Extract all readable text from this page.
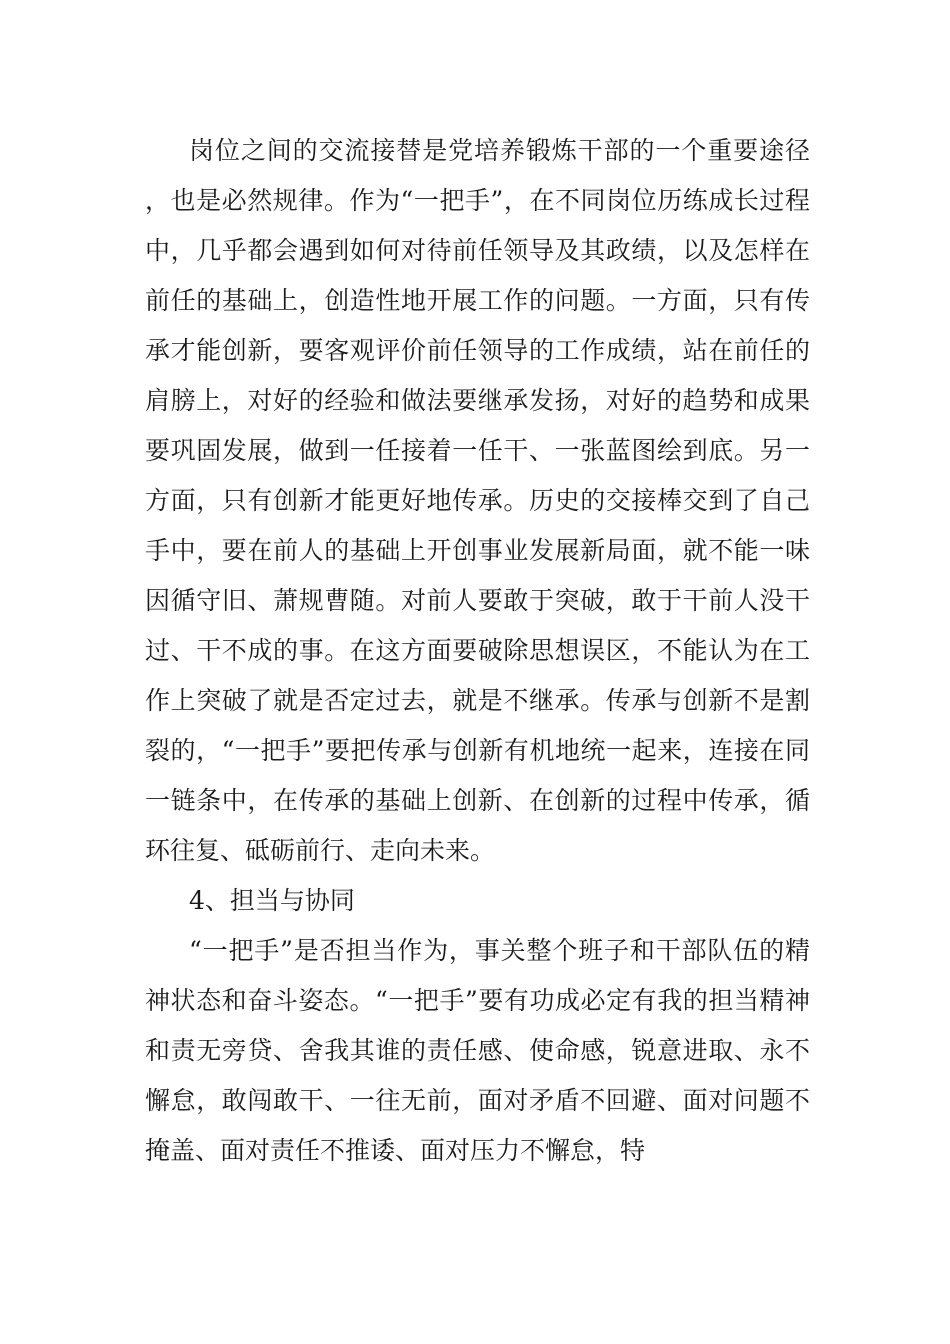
岗位之间的交流接替是党培养锻炼干部的一个重要途径，也是必然规律。作为“一把手”，在不同岗位历练成长过程中，几乎都会遇到如何对待前任领导及其政绩，以及怎样在前任的基础上，创造性地开展工作的问题。一方面，只有传承才能创新，要客观评价前任领导的工作成绩，站在前任的肩膀上，对好的经验和做法要继承发扬，对好的趋势和成果要巩固发展，做到一任接着一任干、一张蓝图绘到底。另一方面，只有创新才能更好地传承。历史的交接棒交到了自己手中，要在前人的基础上开创事业发展新局面，就不能一味因循守旧、萧规曹随。对前人要敢于突破，敢于干前人没干过、干不成的事。在这方面要破除思想误区，不能认为在工作上突破了就是否定过去，就是不继承。传承与创新不是割裂的，“一把手”要把传承与创新有机地统一起来，连接在同一链条中，在传承的基础上创新、在创新的过程中传承，循环往复、砥砺前行、走向未来。

4、担当与协同

“一把手”是否担当作为，事关整个班子和干部队伍的精神状态和奋斗姿态。“一把手”要有功成必定有我的担当精神和责无旁贷、舍我其谁的责任感、使命感，锐意进取、永不懈怠，敢闯敢干、一往无前，面对矛盾不回避、面对问题不掩盖、面对责任不推诿、面对压力不懈怠，特
